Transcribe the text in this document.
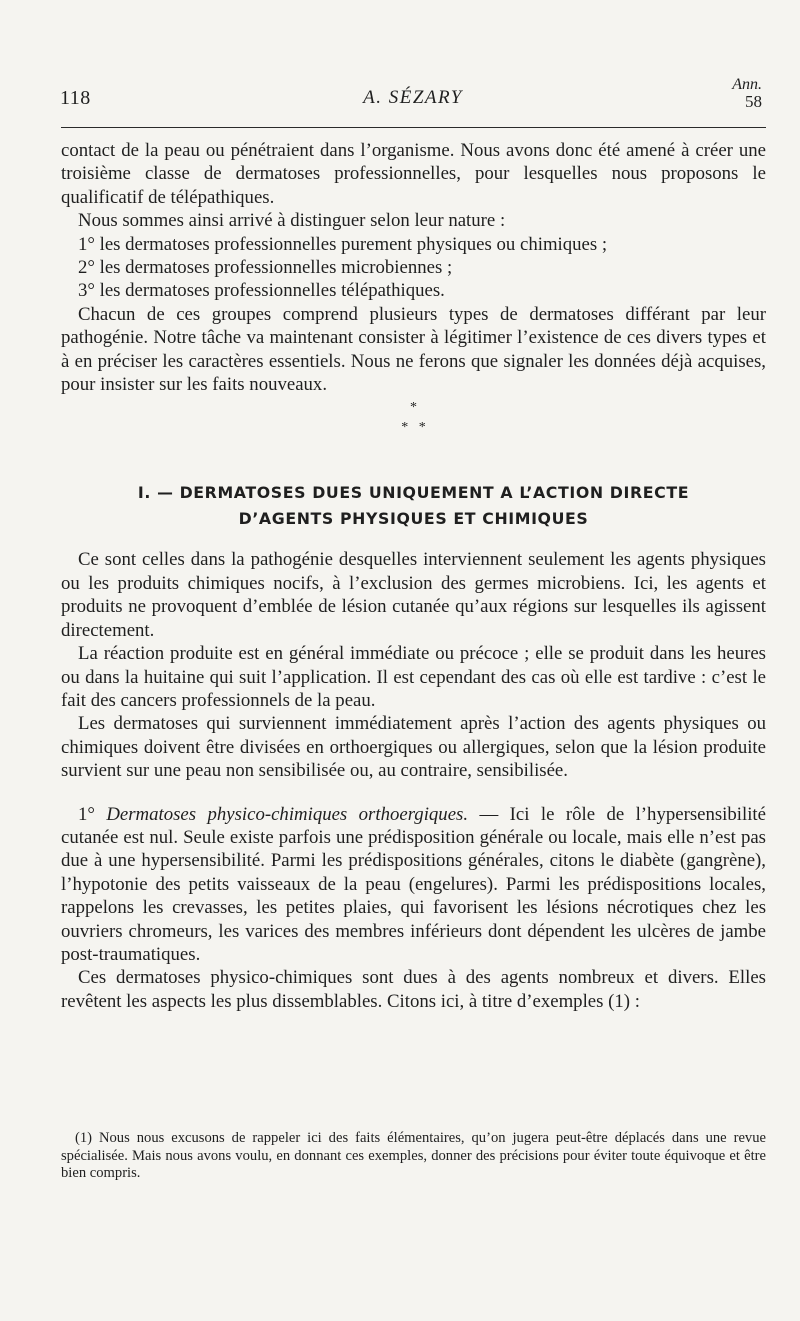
118	A. SÉZARY
Ann.
58

contact de la peau ou pénétraient dans l’organisme. Nous avons donc été amené à créer une troisième classe de dermatoses professionnelles, pour lesquelles nous proposons le qualificatif de télépathiques.

Nous sommes ainsi arrivé à distinguer selon leur nature :

1° les dermatoses professionnelles purement physiques ou chimiques ;

2° les dermatoses professionnelles microbiennes ;

3° les dermatoses professionnelles télépathiques.

Chacun de ces groupes comprend plusieurs types de dermatoses différant par leur pathogénie. Notre tâche va maintenant consister à légitimer l’existence de ces divers types et à en préciser les caractères essentiels. Nous ne ferons que signaler les données déjà acquises, pour insister sur les faits nouveaux.

*
*   *
I. — DERMATOSES DUES UNIQUEMENT A L’ACTION DIRECTE
D’AGENTS PHYSIQUES ET CHIMIQUES

Ce sont celles dans la pathogénie desquelles interviennent seulement les agents physiques ou les produits chimiques nocifs, à l’exclusion des germes microbiens. Ici, les agents et produits ne provoquent d’emblée de lésion cutanée qu’aux régions sur lesquelles ils agissent directement.

La réaction produite est en général immédiate ou précoce ; elle se produit dans les heures ou dans la huitaine qui suit l’application. Il est cependant des cas où elle est tardive : c’est le fait des cancers professionnels de la peau.

Les dermatoses qui surviennent immédiatement après l’action des agents physiques ou chimiques doivent être divisées en orthoergiques ou allergiques, selon que la lésion produite survient sur une peau non sensibilisée ou, au contraire, sensibilisée.

1° Dermatoses physico-chimiques orthoergiques. — Ici le rôle de l’hypersensibilité cutanée est nul. Seule existe parfois une prédisposition générale ou locale, mais elle n’est pas due à une hypersensibilité. Parmi les prédispositions générales, citons le diabète (gangrène), l’hypotonie des petits vaisseaux de la peau (engelures). Parmi les prédispositions locales, rappelons les crevasses, les petites plaies, qui favorisent les lésions nécrotiques chez les ouvriers chromeurs, les varices des membres inférieurs dont dépendent les ulcères de jambe post-traumatiques.

Ces dermatoses physico-chimiques sont dues à des agents nombreux et divers. Elles revêtent les aspects les plus dissemblables. Citons ici, à titre d’exemples (1) :

(1) Nous nous excusons de rappeler ici des faits élémentaires, qu’on jugera peut-être déplacés dans une revue spécialisée. Mais nous avons voulu, en donnant ces exemples, donner des précisions pour éviter toute équivoque et être bien compris.
